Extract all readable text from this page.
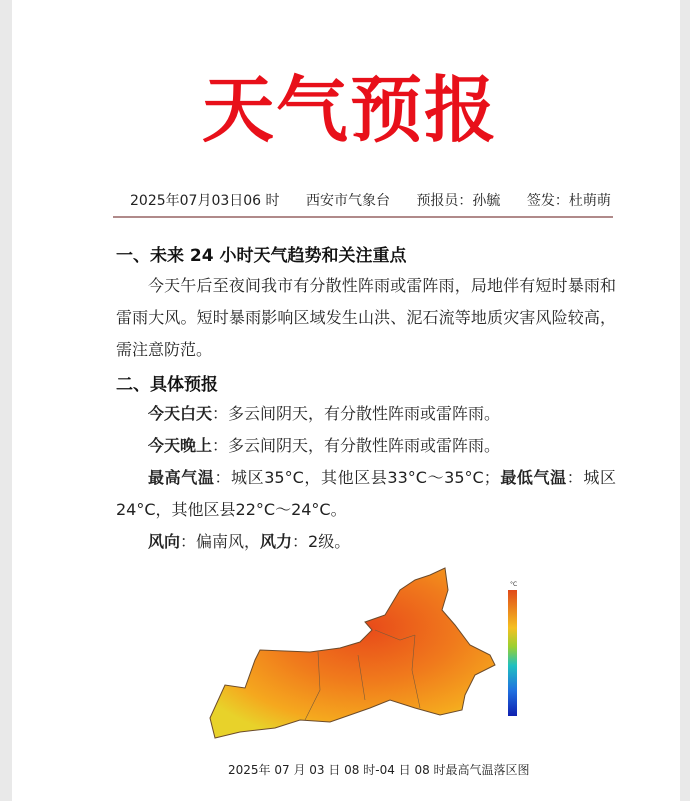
天气预报
2025年07月03日06 时 西安市气象台 预报员：孙毓 签发：杜萌萌
一、未来 24 小时天气趋势和关注重点
今天午后至夜间我市有分散性阵雨或雷阵雨，局地伴有短时暴雨和雷雨大风。短时暴雨影响区域发生山洪、泥石流等地质灾害风险较高，需注意防范。
二、具体预报
今天白天：多云间阴天，有分散性阵雨或雷阵雨。
今天晚上：多云间阴天，有分散性阵雨或雷阵雨。
最高气温：城区35°C，其他区县33°C～35°C；最低气温：城区24°C，其他区县22°C～24°C。
风向：偏南风，风力：2级。
°C
2025年 07 月 03 日 08 时-04 日 08 时最高气温落区图
